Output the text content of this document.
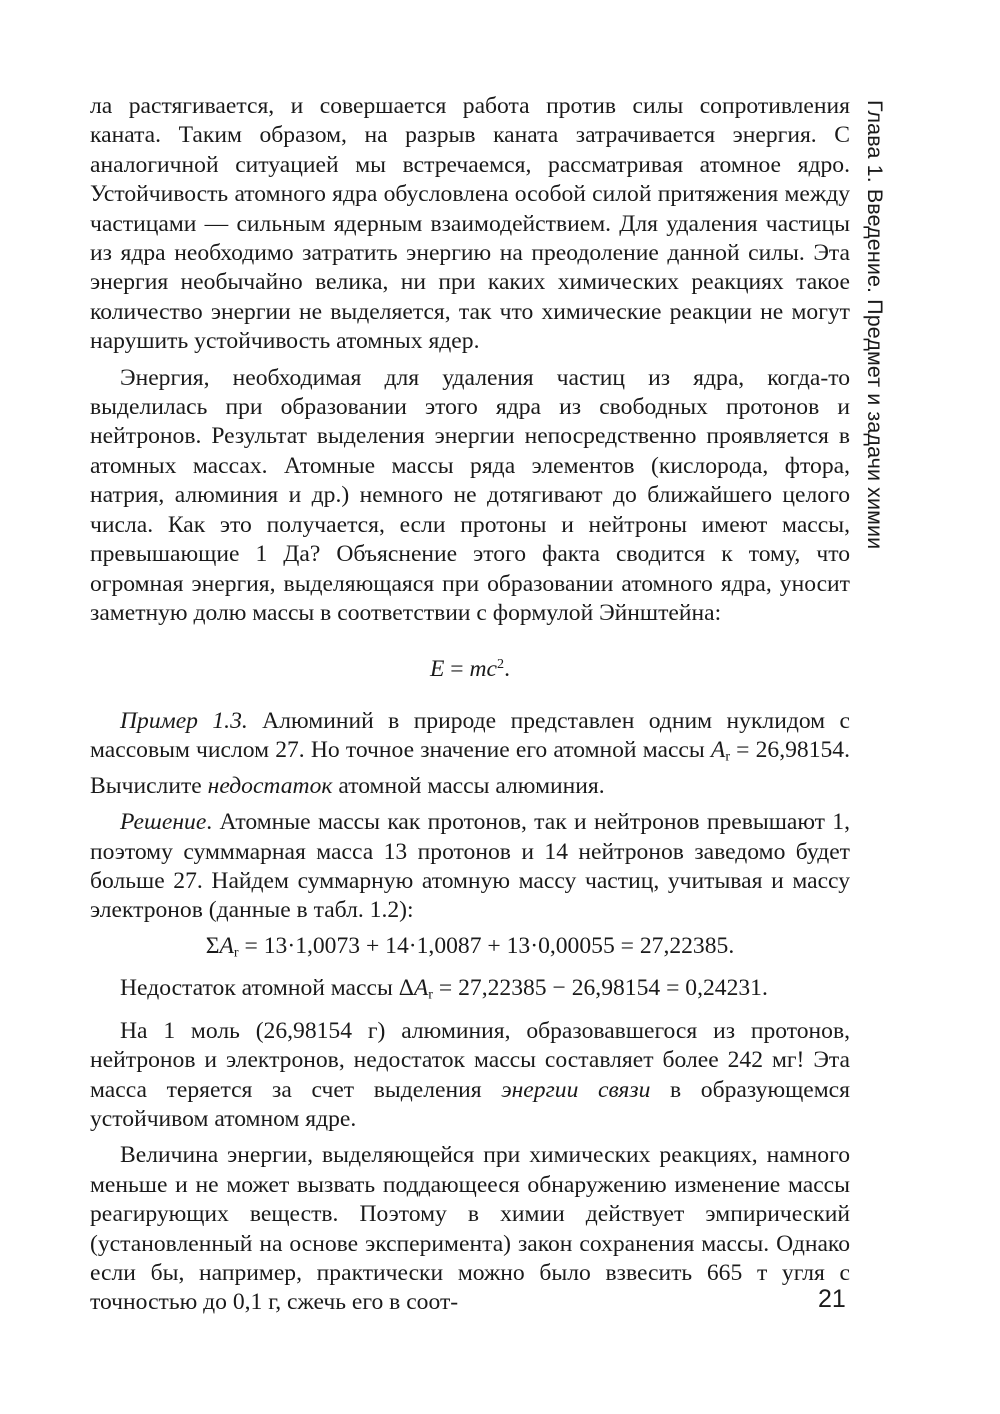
Глава 1. Введение. Предмет и задачи химии

ла растягивается, и совершается работа против силы сопротивления каната. Таким образом, на разрыв каната затрачивается энергия. С аналогичной ситуацией мы встречаемся, рассматривая атомное ядро. Устойчивость атомного ядра обусловлена особой силой притяжения между частицами — сильным ядерным взаимодействием. Для удаления частицы из ядра необходимо затратить энергию на преодоление данной силы. Эта энергия необычайно велика, ни при каких химических реакциях такое количество энергии не выделяется, так что химические реакции не могут нарушить устойчивость атомных ядер.

Энергия, необходимая для удаления частиц из ядра, когда-то выделилась при образовании этого ядра из свободных протонов и нейтронов. Результат выделения энергии непосредственно проявляется в атомных массах. Атомные массы ряда элементов (кислорода, фтора, натрия, алюминия и др.) немного не дотягивают до ближайшего целого числа. Как это получается, если протоны и нейтроны имеют массы, превышающие 1 Да? Объяснение этого факта сводится к тому, что огромная энергия, выделяющаяся при образовании атомного ядра, уносит заметную долю массы в соответствии с формулой Эйнштейна:

$E = mc^2$.

Пример 1.3. Алюминий в природе представлен одним нуклидом с массовым числом 27. Но точное значение его атомной массы $A_r = 26,98154$. Вычислите недостаток атомной массы алюминия.

Решение. Атомные массы как протонов, так и нейтронов превышают 1, поэтому сумммарная масса 13 протонов и 14 нейтронов заведомо будет больше 27. Найдем суммарную атомную массу частиц, учитывая и массу электронов (данные в табл. 1.2):

$\Sigma A_r = 13\cdot 1,0073 + 14\cdot 1,0087 + 13\cdot 0,00055 = 27,22385$.

Недостаток атомной массы $\Delta A_r = 27,22385 - 26,98154 = 0,24231$.

На 1 моль (26,98154 г) алюминия, образовавшегося из протонов, нейтронов и электронов, недостаток массы составляет более 242 мг! Эта масса теряется за счет выделения энергии связи в образующемся устойчивом атомном ядре.

Величина энергии, выделяющейся при химических реакциях, намного меньше и не может вызвать поддающееся обнаружению изменение массы реагирующих веществ. Поэтому в химии действует эмпирический (установленный на основе эксперимента) закон сохранения массы. Однако если бы, например, практически можно было взвесить 665 т угля с точностью до 0,1 г, сжечь его в соот-	21
